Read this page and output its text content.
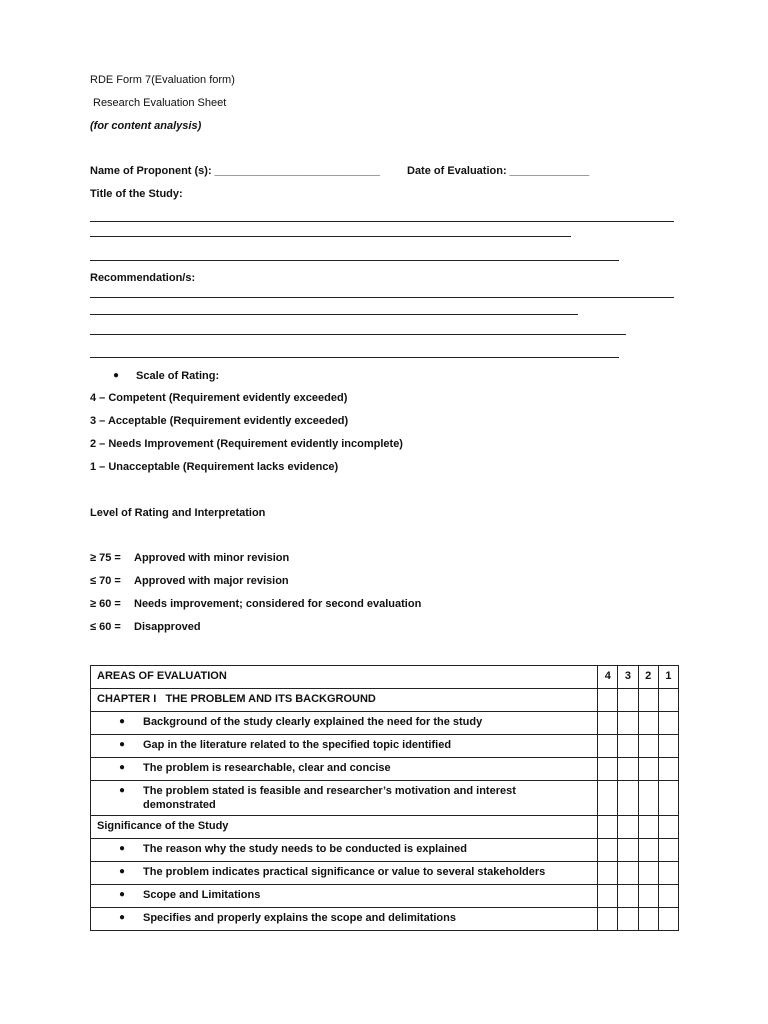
RDE Form 7(Evaluation form)
Research Evaluation Sheet
(for content analysis)
Name of Proponent (s): ___________________________ Date of Evaluation: _____________
Title of the Study:
Recommendation/s:
● Scale of Rating:
4 – Competent (Requirement evidently exceeded)
3 – Acceptable (Requirement evidently exceeded)
2 – Needs Improvement (Requirement evidently incomplete)
1 – Unacceptable (Requirement lacks evidence)
Level of Rating and Interpretation
≥ 75 = Approved with minor revision
≤ 70 = Approved with major revision
≥ 60 = Needs improvement; considered for second evaluation
≤ 60 = Disapproved
AREAS OF EVALUATION	4	3	2	1

CHAPTER I   THE PROBLEM AND ITS BACKGROUND				

● Background of the study clearly explained the need for the study				

● Gap in the literature related to the specified topic identified				

● The problem is researchable, clear and concise				

● The problem stated is feasible and researcher’s motivation and interest demonstrated				

Significance of the Study				

● The reason why the study needs to be conducted is explained				

● The problem indicates practical significance or value to several stakeholders				

● Scope and Limitations				

● Specifies and properly explains the scope and delimitations				
